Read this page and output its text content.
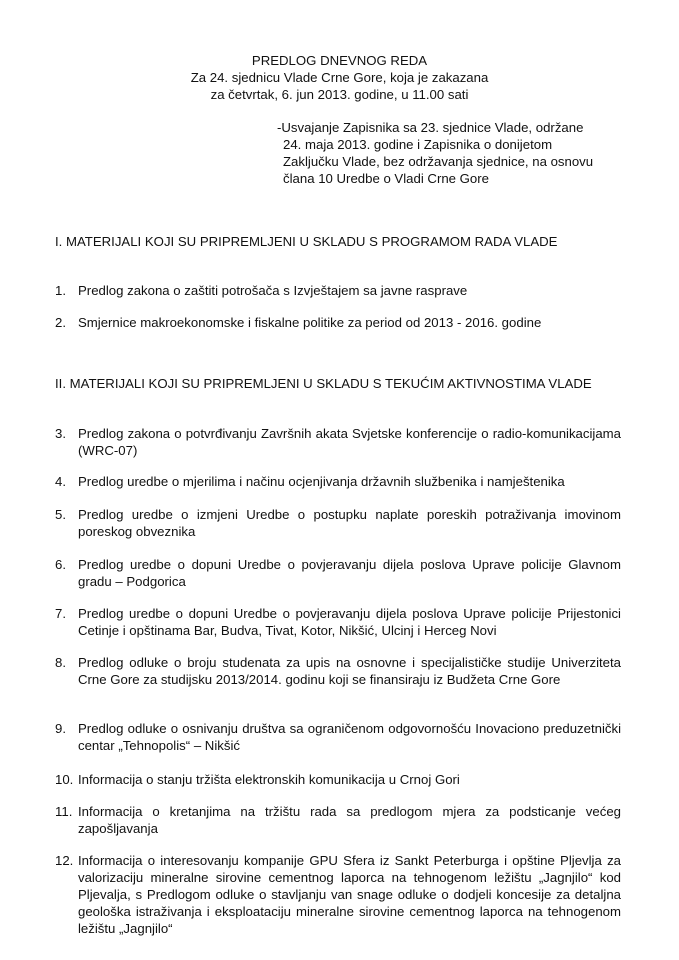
PREDLOG DNEVNOG REDA
Za 24. sjednicu Vlade Crne Gore, koja je zakazana
za četvrtak, 6. jun 2013. godine, u 11.00 sati
-Usvajanje Zapisnika sa 23. sjednice Vlade, održane
24. maja 2013. godine i Zapisnika o donijetom
Zaključku Vlade, bez održavanja sjednice, na osnovu
člana 10 Uredbe o Vladi Crne Gore
I. MATERIJALI KOJI SU PRIPREMLJENI U SKLADU S PROGRAMOM RADA VLADE
1. Predlog zakona o zaštiti potrošača s Izvještajem sa javne rasprave
2. Smjernice makroekonomske i fiskalne politike za period od 2013 - 2016. godine
II. MATERIJALI KOJI SU PRIPREMLJENI U SKLADU S TEKUĆIM AKTIVNOSTIMA VLADE
3. Predlog zakona o potvrđivanju Završnih akata Svjetske konferencije o radio-komunikacijama (WRC-07)
4. Predlog uredbe o mjerilima i načinu ocjenjivanja državnih službenika i namještenika
5. Predlog uredbe o izmjeni Uredbe o postupku naplate poreskih potraživanja imovinom poreskog obveznika
6. Predlog uredbe o dopuni Uredbe o povjeravanju dijela poslova Uprave policije Glavnom gradu – Podgorica
7. Predlog uredbe o dopuni Uredbe o povjeravanju dijela poslova Uprave policije Prijestonici Cetinje i opštinama Bar, Budva, Tivat, Kotor, Nikšić, Ulcinj i Herceg Novi
8. Predlog odluke o broju studenata za upis na osnovne i specijalističke studije Univerziteta Crne Gore za studijsku 2013/2014. godinu koji se finansiraju iz Budžeta Crne Gore
9. Predlog odluke o osnivanju društva sa ograničenom odgovornošću Inovaciono preduzetnički centar „Tehnopolis“ – Nikšić
10. Informacija o stanju tržišta elektronskih komunikacija u Crnoj Gori
11. Informacija o kretanjima na tržištu rada sa predlogom mjera za podsticanje većeg zapošljavanja
12. Informacija o interesovanju kompanije GPU Sfera iz Sankt Peterburga i opštine Pljevlja za valorizaciju mineralne sirovine cementnog laporca na tehnogenom ležištu „Jagnjilo“ kod Pljevalja, s Predlogom odluke o stavljanju van snage odluke o dodjeli koncesije za detaljna geološka istraživanja i eksploataciju mineralne sirovine cementnog laporca na tehnogenom ležištu „Jagnjilo“
